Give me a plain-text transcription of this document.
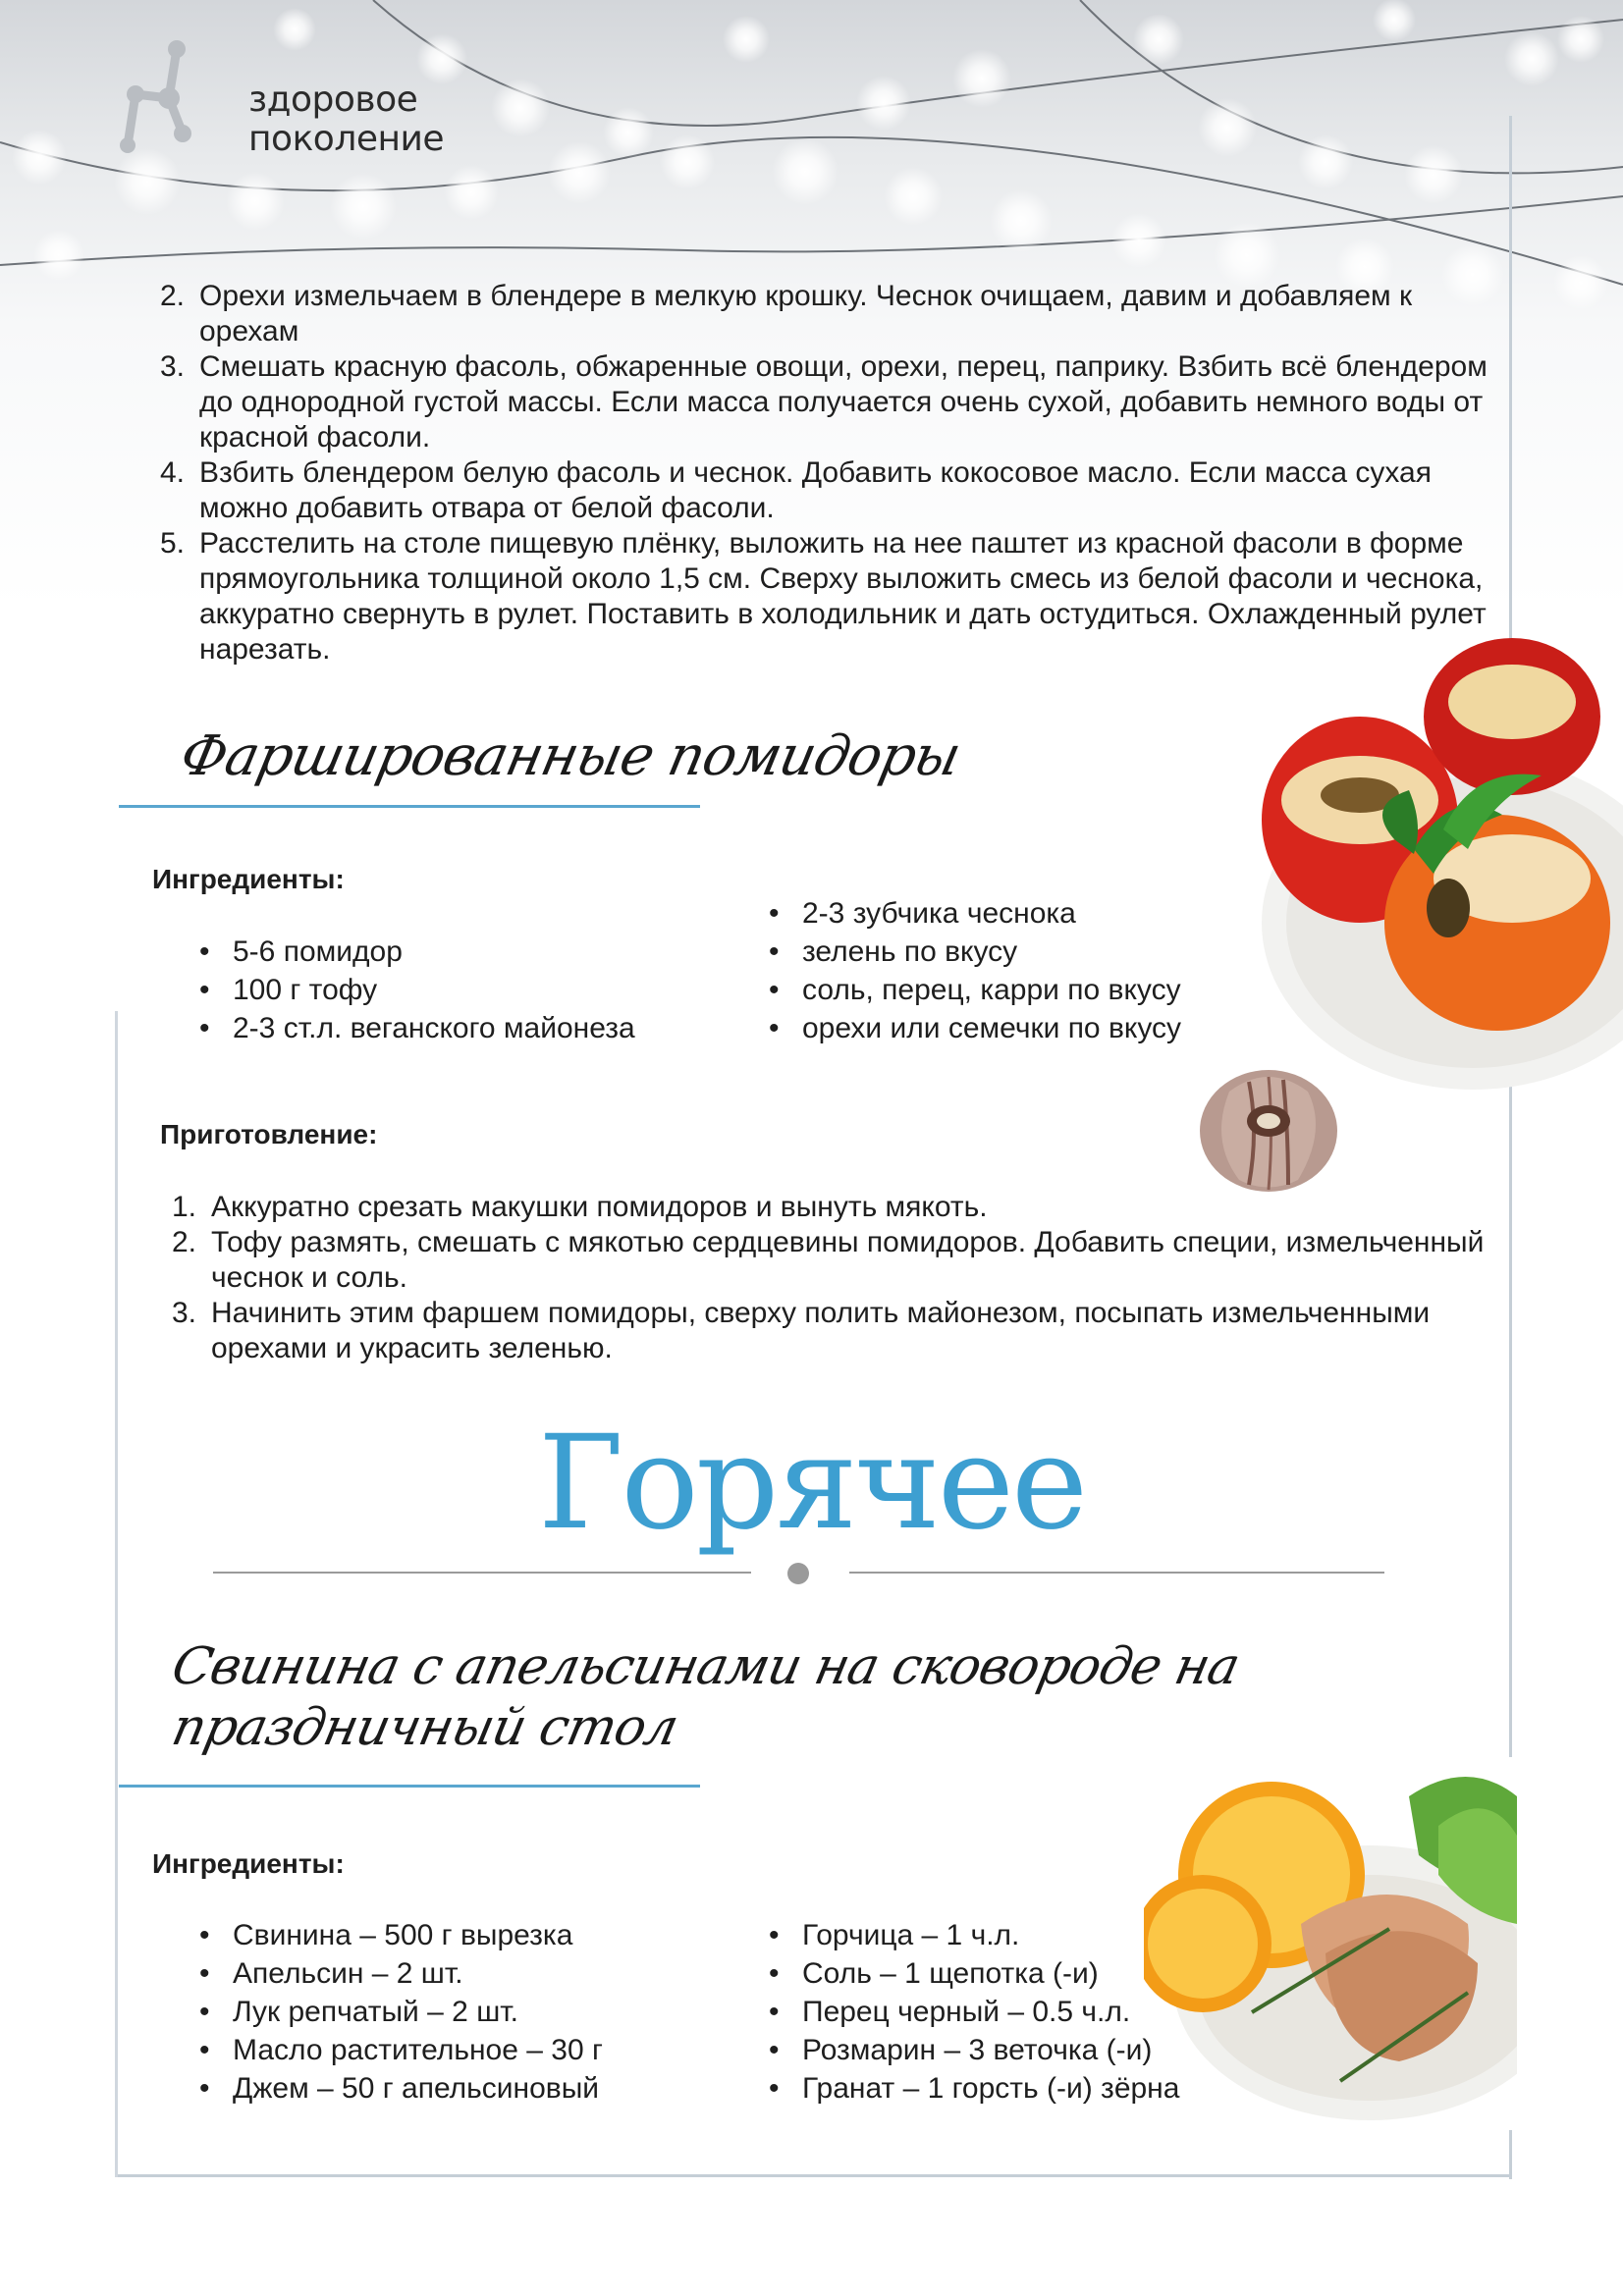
здоровое поколение
2. Орехи измельчаем в блендере в мелкую крошку. Чеснок очищаем, давим и добавляем к орехам
3. Смешать красную фасоль, обжаренные овощи, орехи, перец, паприку. Взбить всё блендером до однородной густой массы. Если масса получается очень сухой, добавить немного воды от красной фасоли.
4. Взбить блендером белую фасоль и чеснок. Добавить кокосовое масло. Если масса сухая можно добавить отвара от белой фасоли.
5. Расстелить на столе пищевую плёнку, выложить на нее паштет из красной фасоли в форме прямоугольника толщиной около 1,5 см. Сверху выложить смесь из белой фасоли и чеснока, аккуратно свернуть в рулет. Поставить в холодильник и дать остудиться. Охлажденный рулет нарезать.
Фаршированные помидоры
Ингредиенты:
• 5-6 помидор
• 100 г тофу
• 2-3 ст.л. веганского майонеза
• 2-3 зубчика чеснока
• зелень по вкусу
• соль, перец, карри по вкусу
• орехи или семечки по вкусу
Приготовление:
1. Аккуратно срезать макушки помидоров и вынуть мякоть.
2. Тофу размять, смешать с мякотью сердцевины помидоров. Добавить специи, измельченный чеснок и соль.
3. Начинить этим фаршем помидоры, сверху полить майонезом, посыпать измельченными орехами и украсить зеленью.
Горячее
Свинина с апельсинами на сковороде на
праздничный стол
Ингредиенты:
• Свинина – 500 г вырезка
• Апельсин – 2 шт.
• Лук репчатый – 2 шт.
• Масло растительное – 30 г
• Джем – 50 г апельсиновый
• Горчица – 1 ч.л.
• Соль – 1 щепотка (-и)
• Перец черный – 0.5 ч.л.
• Розмарин – 3 веточка (-и)
• Гранат – 1 горсть (-и) зёрна
